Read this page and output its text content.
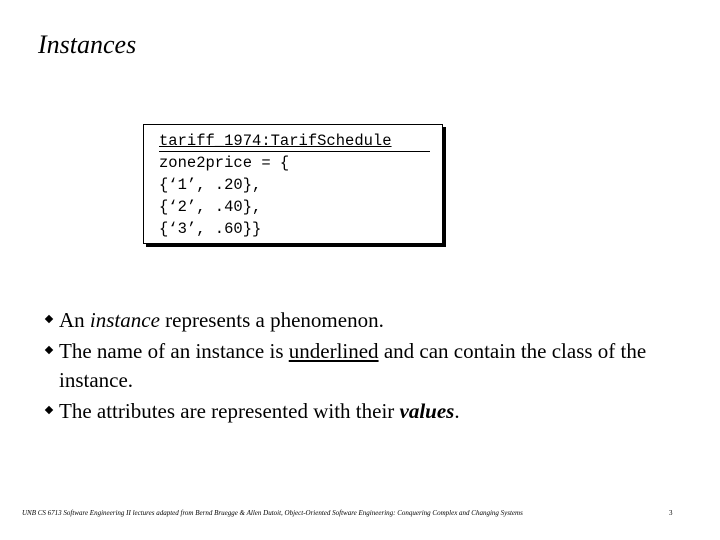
Instances
tariff_1974:TarifSchedule
zone2price = {
{‘1’, .20},
{‘2’, .40},
{‘3’, .60}}
An instance represents a phenomenon.
The name of an instance is underlined and can contain the class of the instance.
The attributes are represented with their values.
UNB CS 6713 Software Engineering II lectures adapted from Bernd Bruegge & Allen Dutoit, Object-Oriented Software Engineering: Conquering Complex and Changing Systems	3
